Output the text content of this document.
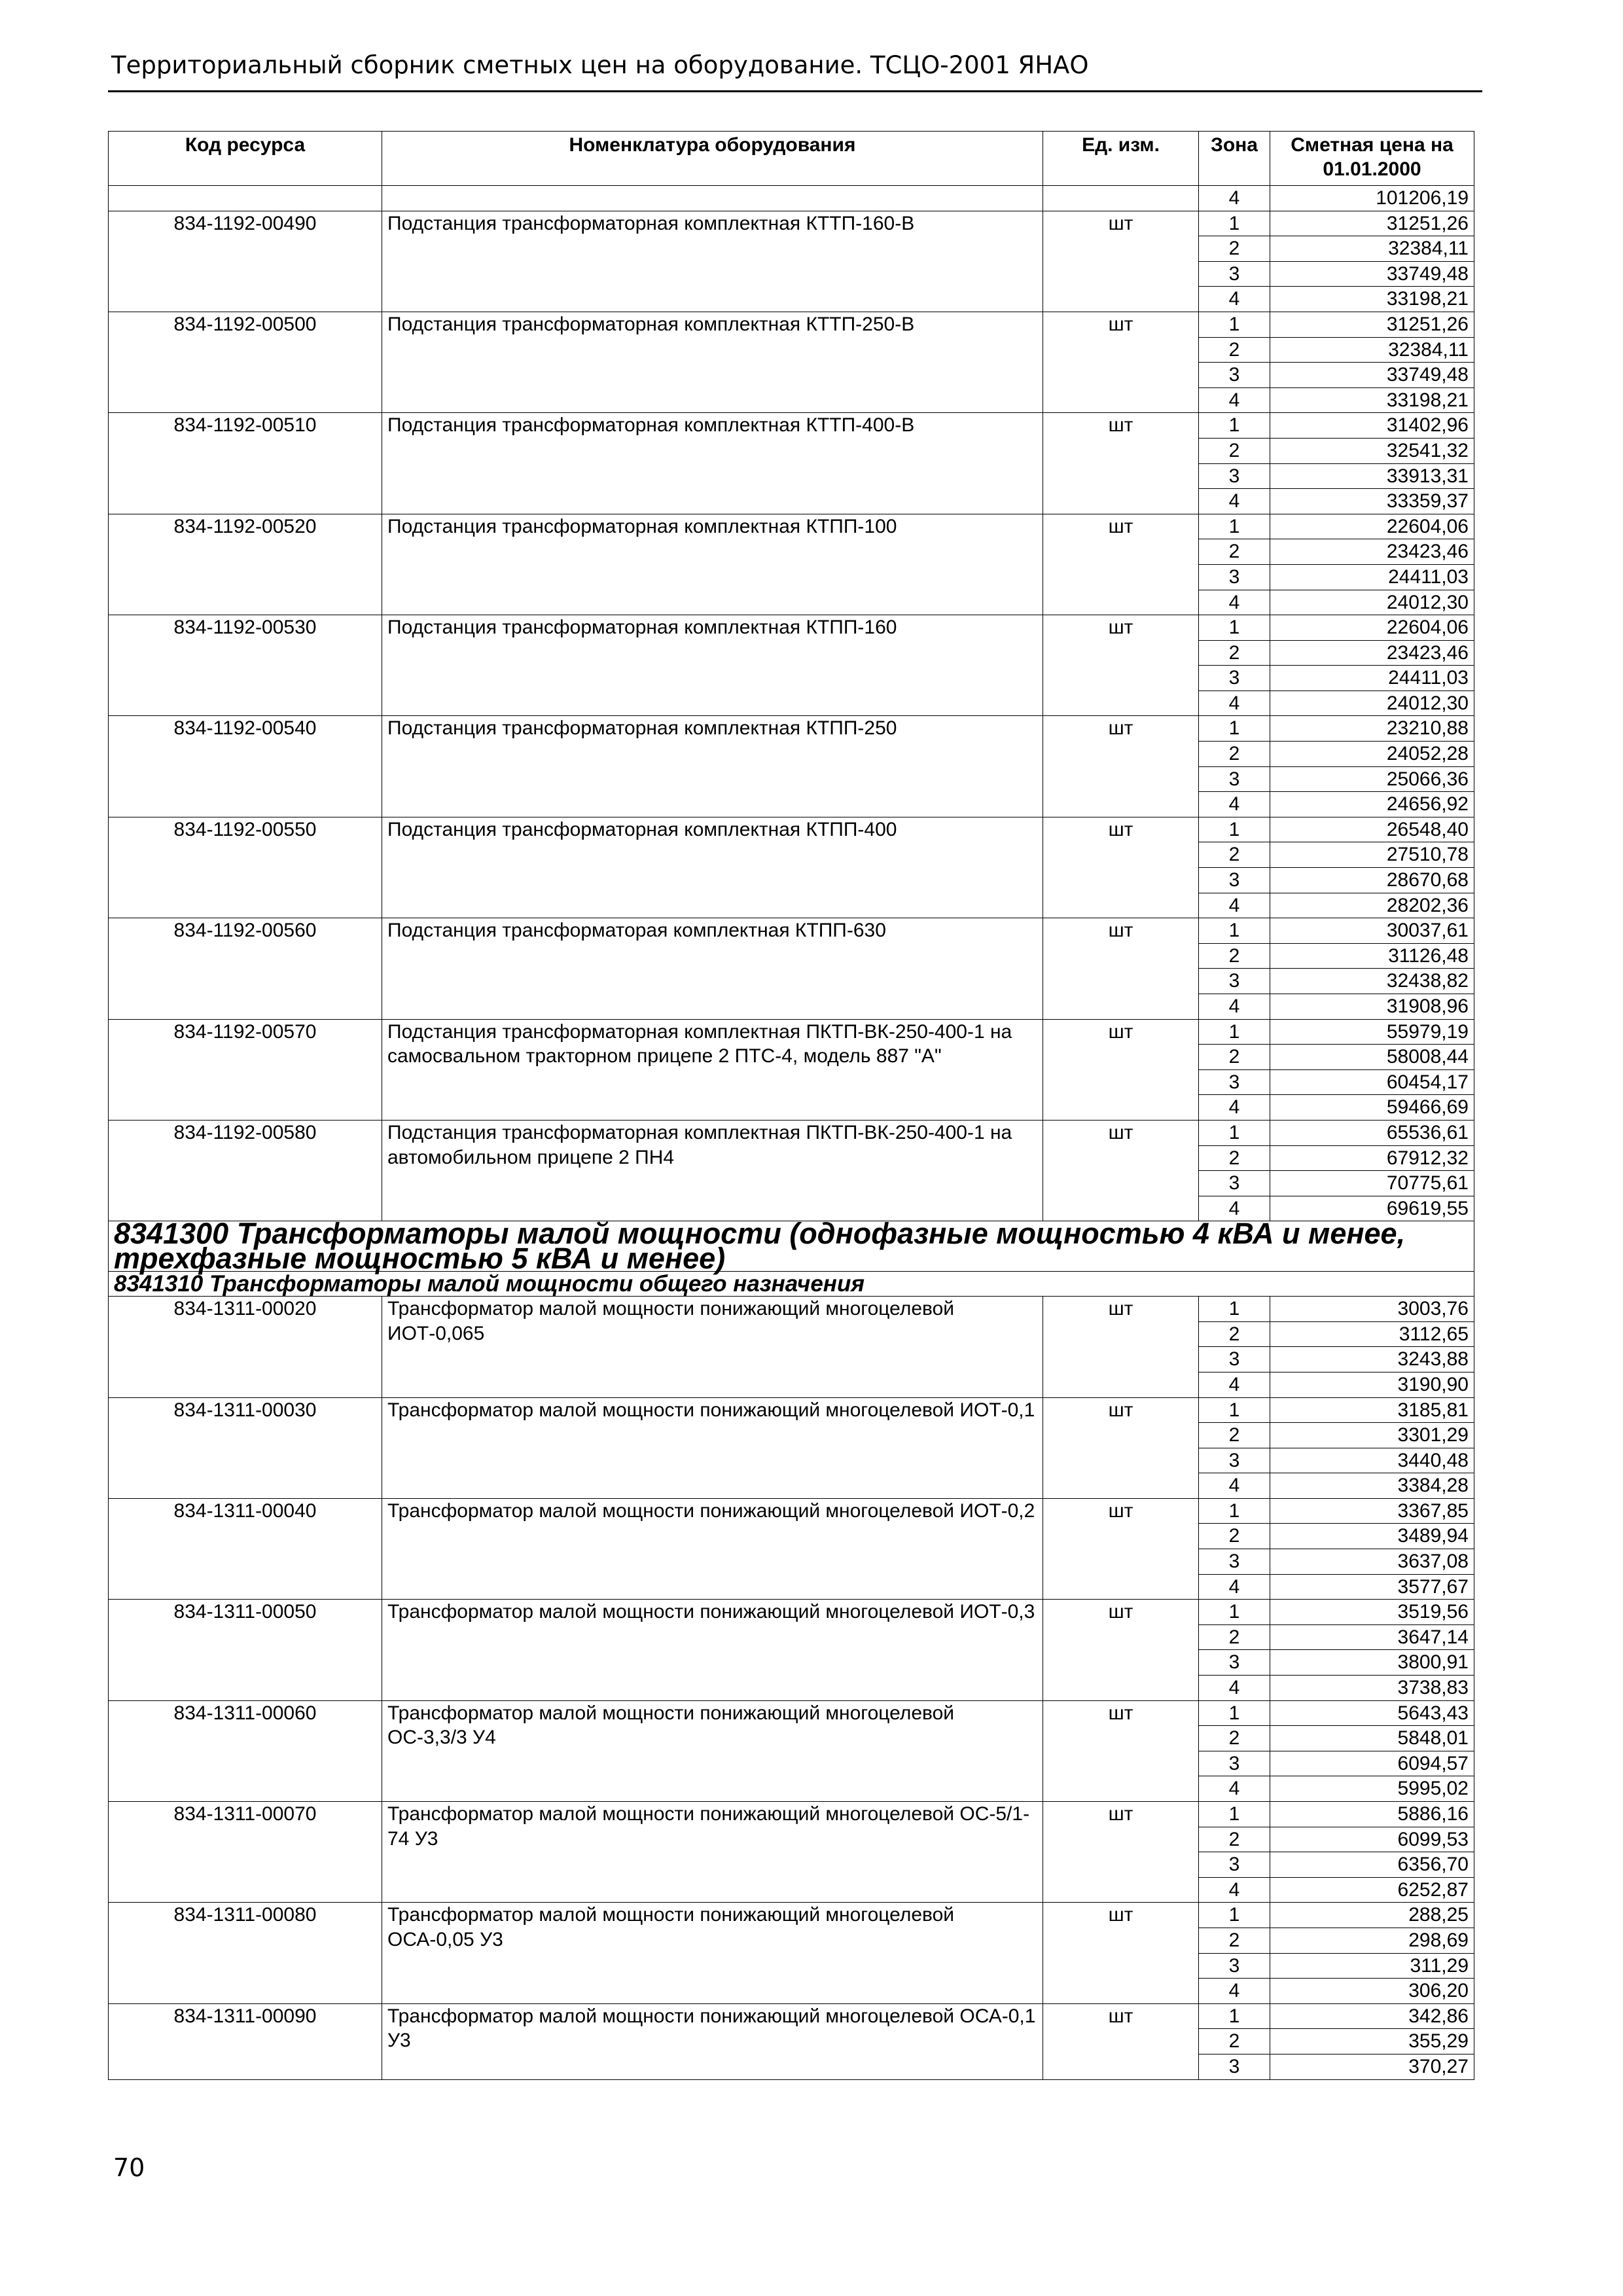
Территориальный сборник сметных цен на оборудование. ТСЦО-2001 ЯНАО
Код ресурса	Номенклатура оборудования	Ед. изм.	Зона	Сметная цена на 01.01.2000
			4	101206,19
834-1192-00490	Подстанция трансформаторная комплектная КТТП-160-В	шт	1	31251,26
			2	32384,11
			3	33749,48
			4	33198,21
834-1192-00500	Подстанция трансформаторная комплектная КТТП-250-В	шт	1	31251,26
			2	32384,11
			3	33749,48
			4	33198,21
834-1192-00510	Подстанция трансформаторная комплектная КТТП-400-В	шт	1	31402,96
			2	32541,32
			3	33913,31
			4	33359,37
834-1192-00520	Подстанция трансформаторная комплектная КТПП-100	шт	1	22604,06
			2	23423,46
			3	24411,03
			4	24012,30
834-1192-00530	Подстанция трансформаторная комплектная КТПП-160	шт	1	22604,06
			2	23423,46
			3	24411,03
			4	24012,30
834-1192-00540	Подстанция трансформаторная комплектная КТПП-250	шт	1	23210,88
			2	24052,28
			3	25066,36
			4	24656,92
834-1192-00550	Подстанция трансформаторная комплектная КТПП-400	шт	1	26548,40
			2	27510,78
			3	28670,68
			4	28202,36
834-1192-00560	Подстанция трансформаторая комплектная КТПП-630	шт	1	30037,61
			2	31126,48
			3	32438,82
			4	31908,96
834-1192-00570	Подстанция трансформаторная комплектная ПКТП-ВК-250-400-1 на самосвальном тракторном прицепе 2 ПТС-4, модель 887 "А"	шт	1	55979,19
			2	58008,44
			3	60454,17
			4	59466,69
834-1192-00580	Подстанция трансформаторная комплектная ПКТП-ВК-250-400-1 на автомобильном прицепе 2 ПН4	шт	1	65536,61
			2	67912,32
			3	70775,61
			4	69619,55
8341300 Трансформаторы малой мощности (однофазные мощностью 4 кВА и менее, трехфазные мощностью 5 кВА и менее)				
8341310 Трансформаторы малой мощности общего назначения				
834-1311-00020	Трансформатор малой мощности понижающий многоцелевой ИОТ-0,065	шт	1	3003,76
			2	3112,65
			3	3243,88
			4	3190,90
834-1311-00030	Трансформатор малой мощности понижающий многоцелевой ИОТ-0,1	шт	1	3185,81
			2	3301,29
			3	3440,48
			4	3384,28
834-1311-00040	Трансформатор малой мощности понижающий многоцелевой ИОТ-0,2	шт	1	3367,85
			2	3489,94
			3	3637,08
			4	3577,67
834-1311-00050	Трансформатор малой мощности понижающий многоцелевой ИОТ-0,3	шт	1	3519,56
			2	3647,14
			3	3800,91
			4	3738,83
834-1311-00060	Трансформатор малой мощности понижающий многоцелевой ОС-3,3/3 У4	шт	1	5643,43
			2	5848,01
			3	6094,57
			4	5995,02
834-1311-00070	Трансформатор малой мощности понижающий многоцелевой ОС-5/1-74 У3	шт	1	5886,16
			2	6099,53
			3	6356,70
			4	6252,87
834-1311-00080	Трансформатор малой мощности понижающий многоцелевой ОСА-0,05 У3	шт	1	288,25
			2	298,69
			3	311,29
			4	306,20
834-1311-00090	Трансформатор малой мощности понижающий многоцелевой ОСА-0,1 У3	шт	1	342,86
			2	355,29
			3	370,27
70
